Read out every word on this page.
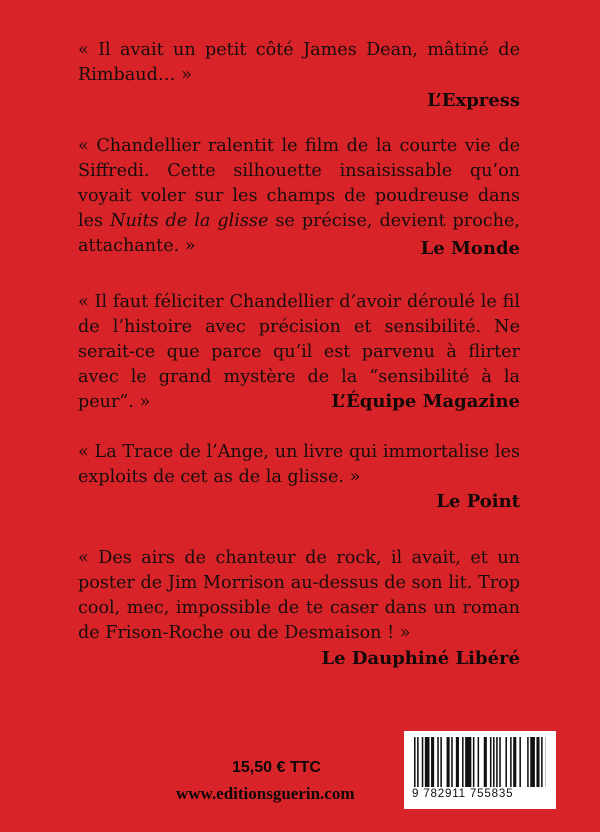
« Il avait un petit côté James Dean, mâtiné de Rimbaud… »
L’Express
« Chandellier ralentit le film de la courte vie de Siffredi. Cette silhouette insaisissable qu’on voyait voler sur les champs de poudreuse dans les Nuits de la glisse se précise, devient proche, attachante. »	Le Monde
« Il faut féliciter Chandellier d’avoir déroulé le fil de l’histoire avec précision et sensibilité. Ne serait-ce que parce qu’il est parvenu à flirter avec le grand mystère de la “sensibilité à la peur”. »	L’Équipe Magazine
« La Trace de l’Ange, un livre qui immortalise les exploits de cet as de la glisse. »
Le Point
« Des airs de chanteur de rock, il avait, et un poster de Jim Morrison au-dessus de son lit. Trop cool, mec, impossible de te caser dans un roman de Frison-Roche ou de Desmaison ! »
Le Dauphiné Libéré
15,50 € TTC
www.editionsguerin.com	9 782911 755835
